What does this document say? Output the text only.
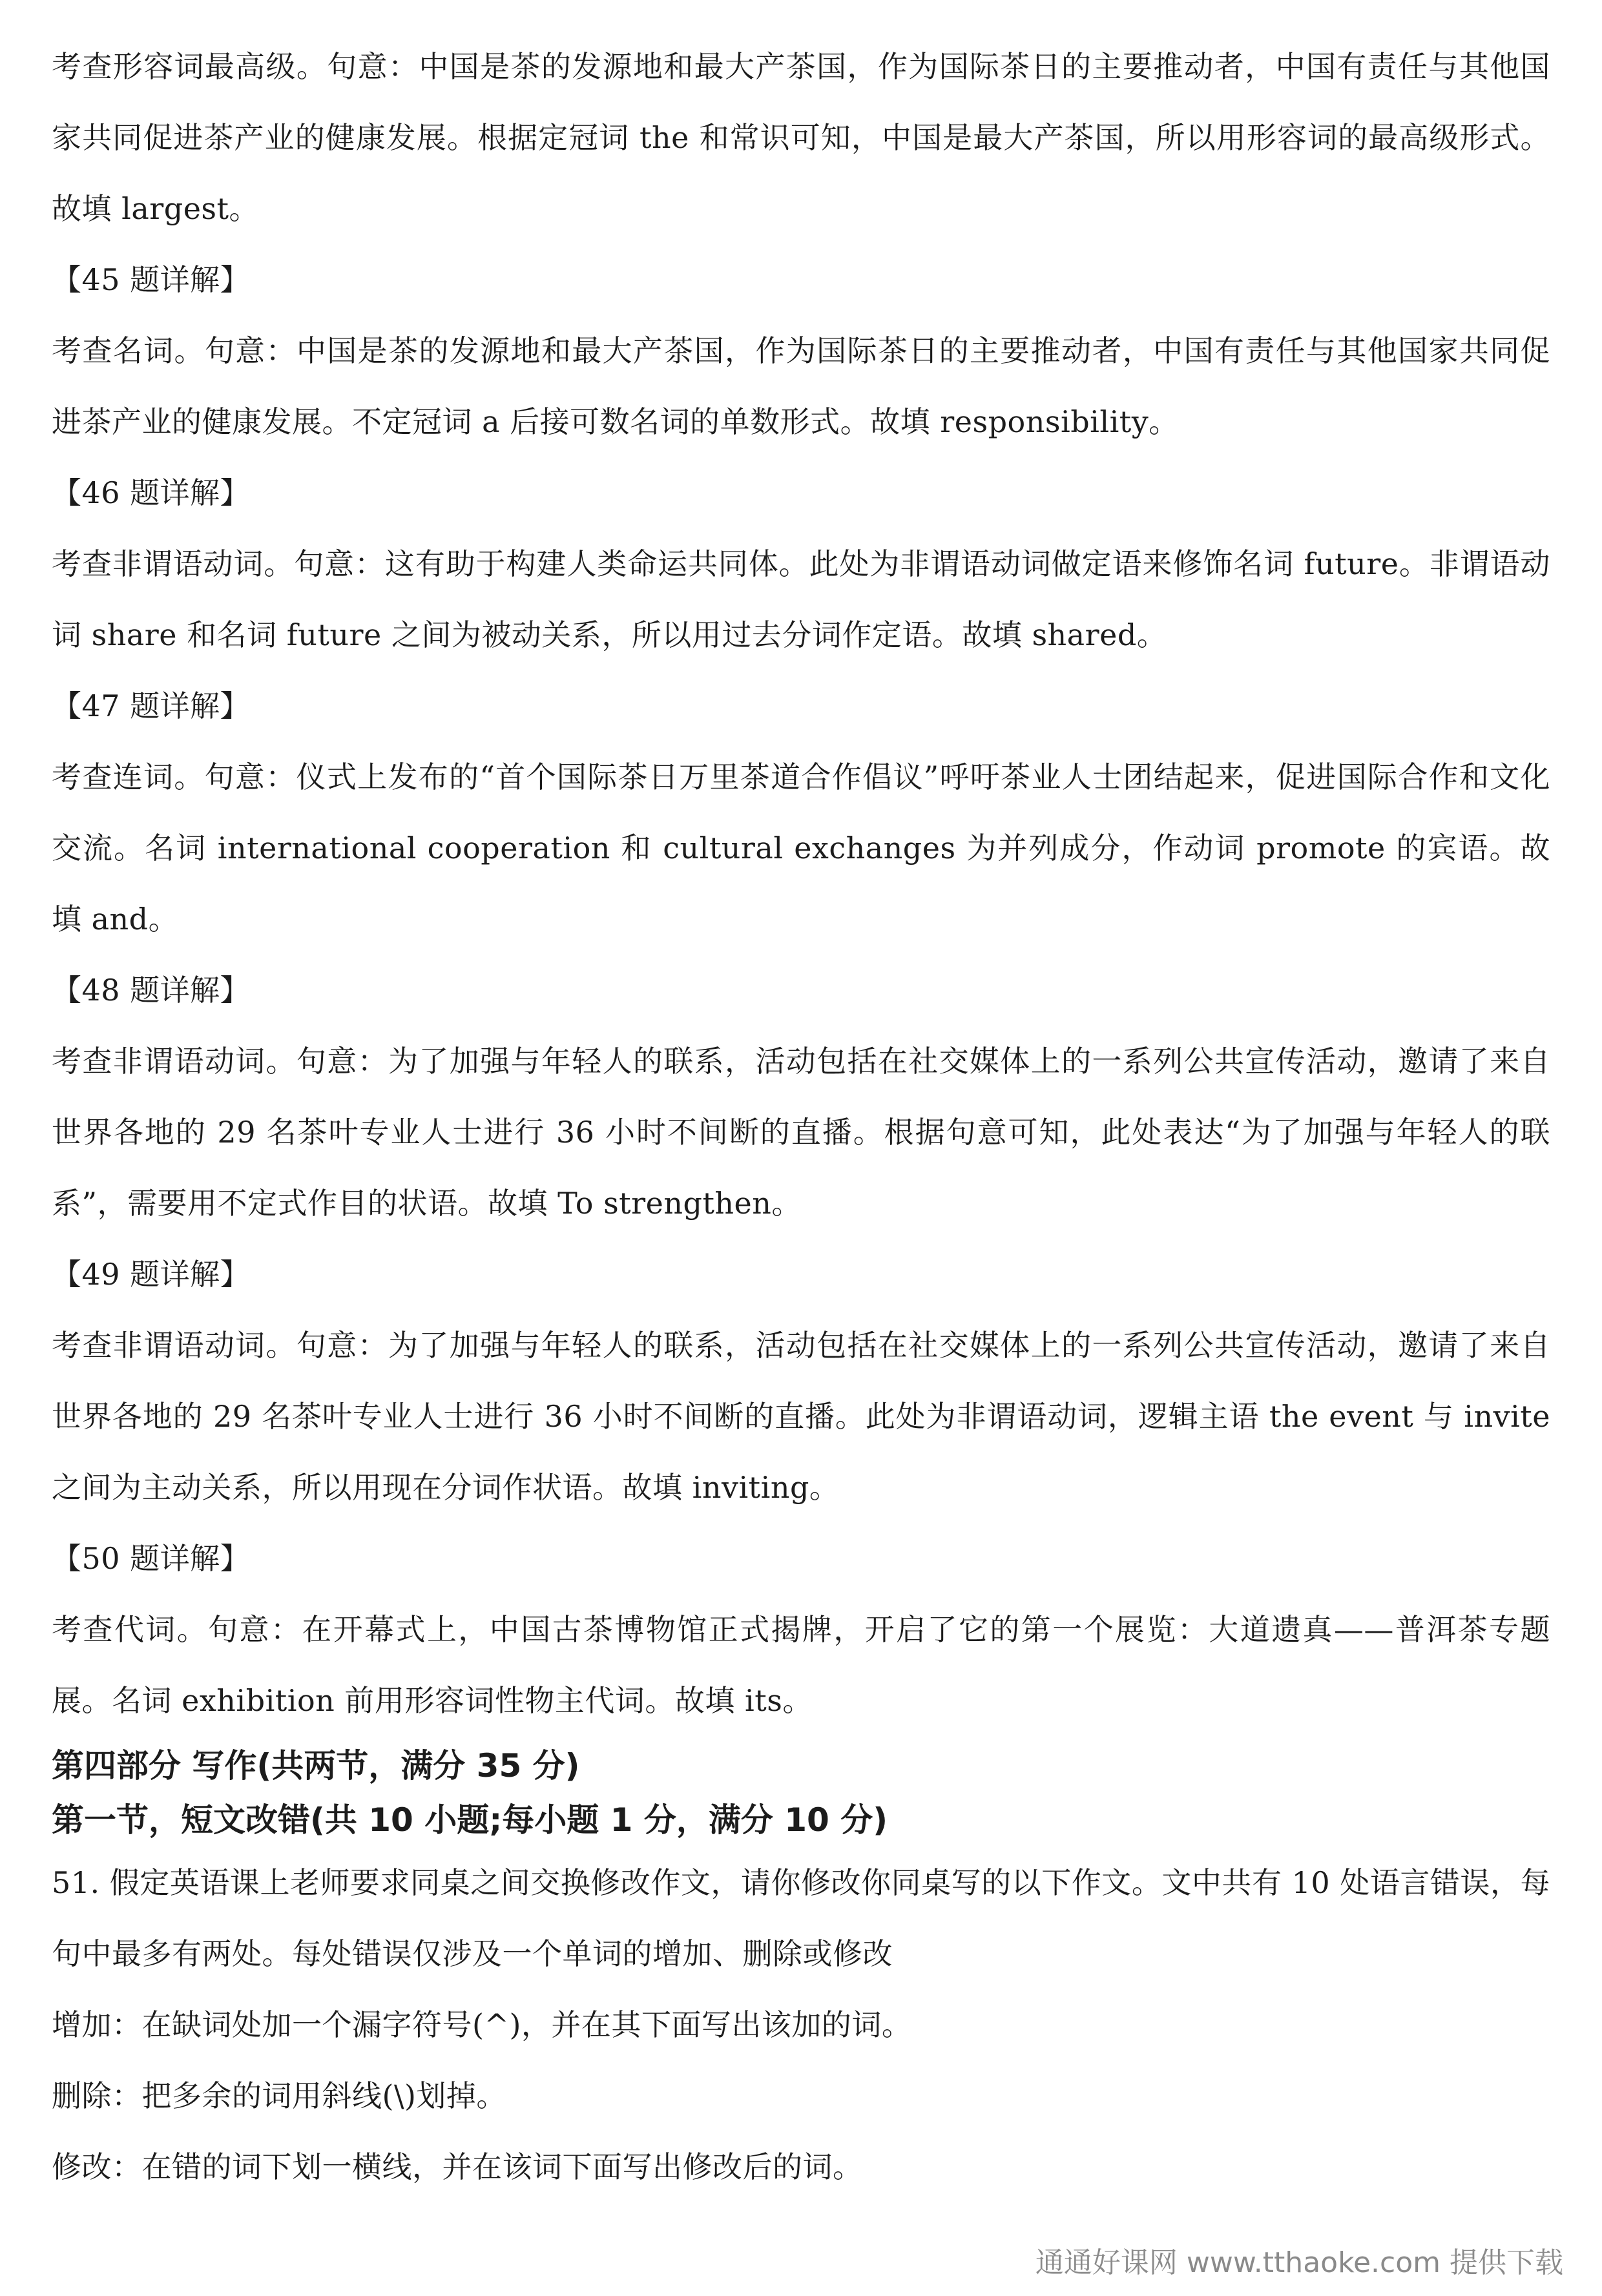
考查形容词最高级。句意：中国是茶的发源地和最大产茶国，作为国际茶日的主要推动者，中国有责任与其他国家共同促进茶产业的健康发展。根据定冠词 the 和常识可知，中国是最大产茶国，所以用形容词的最高级形式。故填 largest。

【45 题详解】

考查名词。句意：中国是茶的发源地和最大产茶国，作为国际茶日的主要推动者，中国有责任与其他国家共同促进茶产业的健康发展。不定冠词 a 后接可数名词的单数形式。故填 responsibility。

【46 题详解】

考查非谓语动词。句意：这有助于构建人类命运共同体。此处为非谓语动词做定语来修饰名词 future。非谓语动词 share 和名词 future 之间为被动关系，所以用过去分词作定语。故填 shared。

【47 题详解】

考查连词。句意：仪式上发布的“首个国际茶日万里茶道合作倡议”呼吁茶业人士团结起来，促进国际合作和文化交流。名词 international cooperation 和 cultural exchanges 为并列成分，作动词 promote 的宾语。故填 and。

【48 题详解】

考查非谓语动词。句意：为了加强与年轻人的联系，活动包括在社交媒体上的一系列公共宣传活动，邀请了来自世界各地的 29 名茶叶专业人士进行 36 小时不间断的直播。根据句意可知，此处表达“为了加强与年轻人的联系”，需要用不定式作目的状语。故填 To strengthen。

【49 题详解】

考查非谓语动词。句意：为了加强与年轻人的联系，活动包括在社交媒体上的一系列公共宣传活动，邀请了来自世界各地的 29 名茶叶专业人士进行 36 小时不间断的直播。此处为非谓语动词，逻辑主语 the event 与 invite 之间为主动关系，所以用现在分词作状语。故填 inviting。

【50 题详解】

考查代词。句意：在开幕式上，中国古茶博物馆正式揭牌，开启了它的第一个展览：大道遗真——普洱茶专题展。名词 exhibition 前用形容词性物主代词。故填 its。

第四部分 写作(共两节，满分 35 分)

第一节，短文改错(共 10 小题;每小题 1 分，满分 10 分)

51. 假定英语课上老师要求同桌之间交换修改作文，请你修改你同桌写的以下作文。文中共有 10 处语言错误，每句中最多有两处。每处错误仅涉及一个单词的增加、删除或修改

增加：在缺词处加一个漏字符号(^)，并在其下面写出该加的词。

删除：把多余的词用斜线(\)划掉。

修改：在错的词下划一横线，并在该词下面写出修改后的词。

通通好课网 www.tthaoke.com 提供下载
